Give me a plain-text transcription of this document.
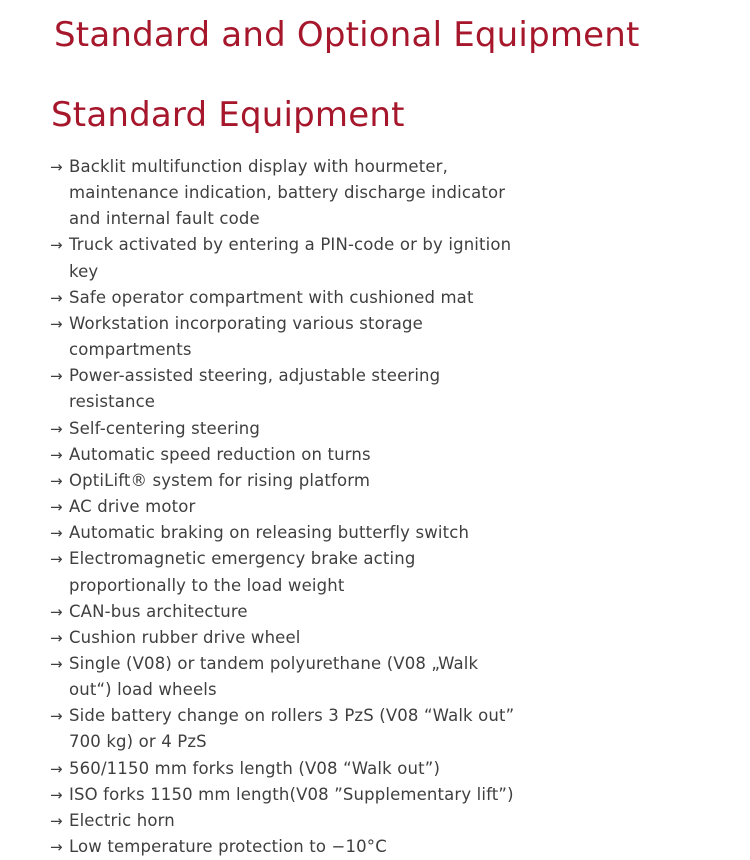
Standard and Optional Equipment
Standard Equipment
→ Backlit multifunction display with hourmeter, maintenance indication, battery discharge indicator and internal fault code
→ Truck activated by entering a PIN-code or by ignition key
→ Safe operator compartment with cushioned mat
→ Workstation incorporating various storage compartments
→ Power-assisted steering, adjustable steering resistance
→ Self-centering steering
→ Automatic speed reduction on turns
→ OptiLift® system for rising platform
→ AC drive motor
→ Automatic braking on releasing butterfly switch
→ Electromagnetic emergency brake acting proportionally to the load weight
→ CAN-bus architecture
→ Cushion rubber drive wheel
→ Single (V08) or tandem polyurethane (V08 „Walk out“) load wheels
→ Side battery change on rollers 3 PzS (V08 “Walk out” 700 kg) or 4 PzS
→ 560/1150 mm forks length (V08 “Walk out”)
→ ISO forks 1150 mm length(V08 ”Supplementary lift”)
→ Electric horn
→ Low temperature protection to −10°C
